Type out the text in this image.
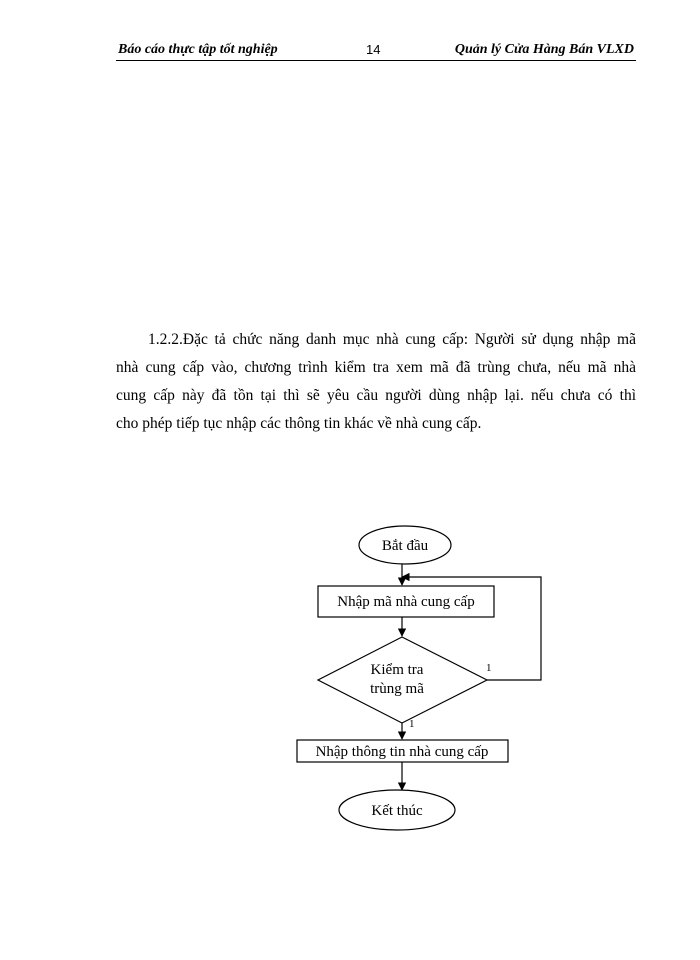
Báo cáo thực tập tốt nghiệp	14	Quản lý Cửa Hàng Bán VLXD
1.2.2.Đặc tả chức năng danh mục nhà cung cấp: Người sử dụng nhập mã
nhà cung cấp vào, chương trình kiểm tra xem mã đã trùng chưa, nếu mã nhà
cung cấp này đã tồn tại thì sẽ yêu cầu người dùng nhập lại. nếu chưa có thì
cho phép tiếp tục nhập các thông tin khác về nhà cung cấp.
Bắt đầu
Nhập mã nhà cung cấp
Kiểm tra
trùng mã
1
1
Nhập thông tin nhà cung cấp
Kết thúc
